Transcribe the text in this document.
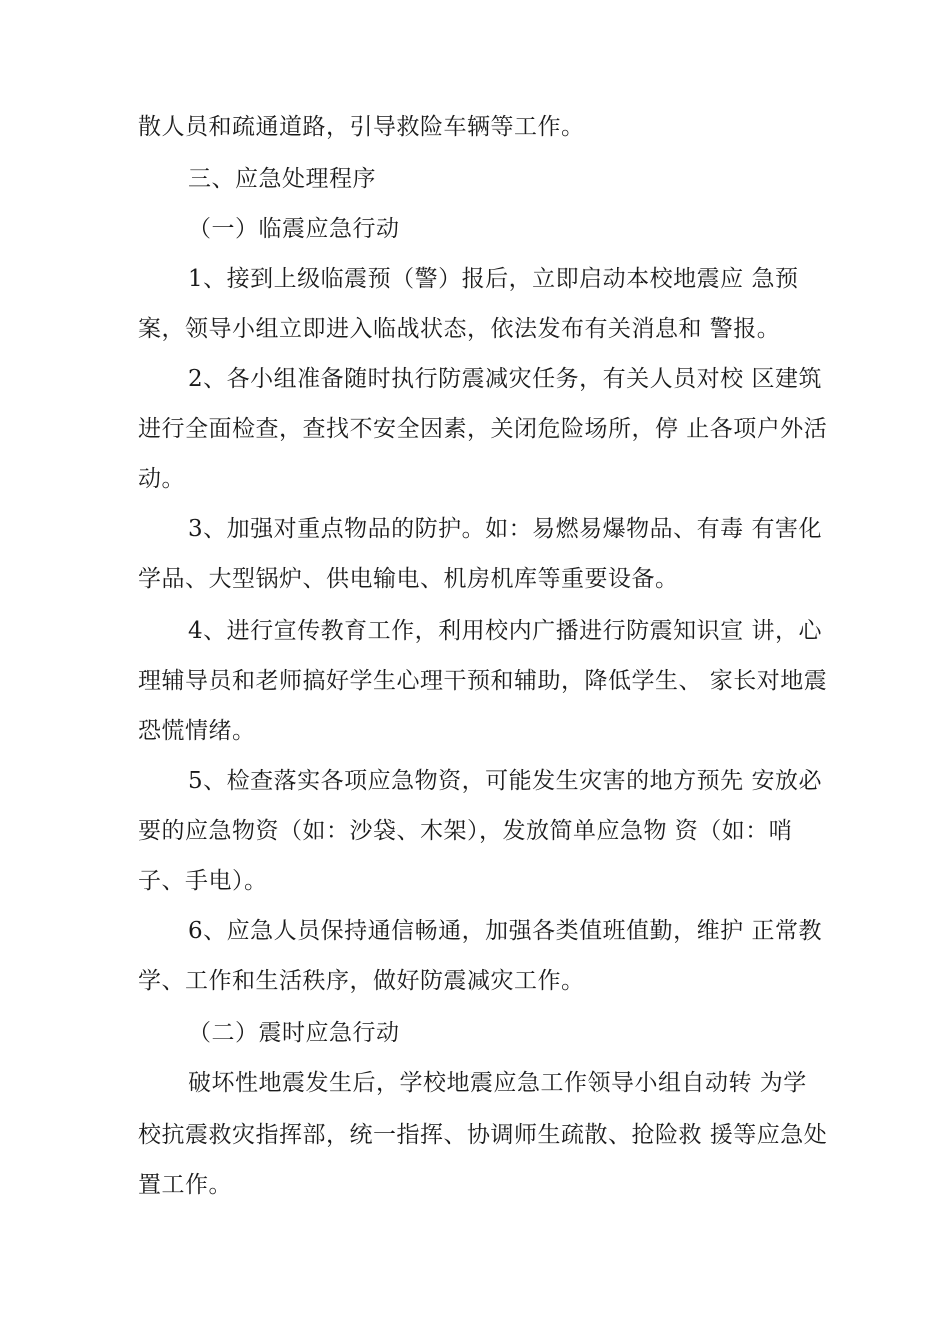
散人员和疏通道路，引导救险车辆等工作。
三、应急处理程序
（一）临震应急行动
1、接到上级临震预（警）报后，立即启动本校地震应 急预
案，领导小组立即进入临战状态，依法发布有关消息和 警报。
2、各小组准备随时执行防震减灾任务，有关人员对校 区建筑
进行全面检查，查找不安全因素，关闭危险场所，停 止各项户外活
动。
3、加强对重点物品的防护。如：易燃易爆物品、有毒 有害化
学品、大型锅炉、供电输电、机房机库等重要设备。
4、进行宣传教育工作，利用校内广播进行防震知识宣 讲，心
理辅导员和老师搞好学生心理干预和辅助，降低学生、 家长对地震
恐慌情绪。
5、检查落实各项应急物资，可能发生灾害的地方预先 安放必
要的应急物资（如：沙袋、木架），发放简单应急物 资（如：哨
子、手电）。
6、应急人员保持通信畅通，加强各类值班值勤，维护 正常教
学、工作和生活秩序，做好防震减灾工作。
（二）震时应急行动
破坏性地震发生后，学校地震应急工作领导小组自动转 为学
校抗震救灾指挥部，统一指挥、协调师生疏散、抢险救 援等应急处
置工作。
